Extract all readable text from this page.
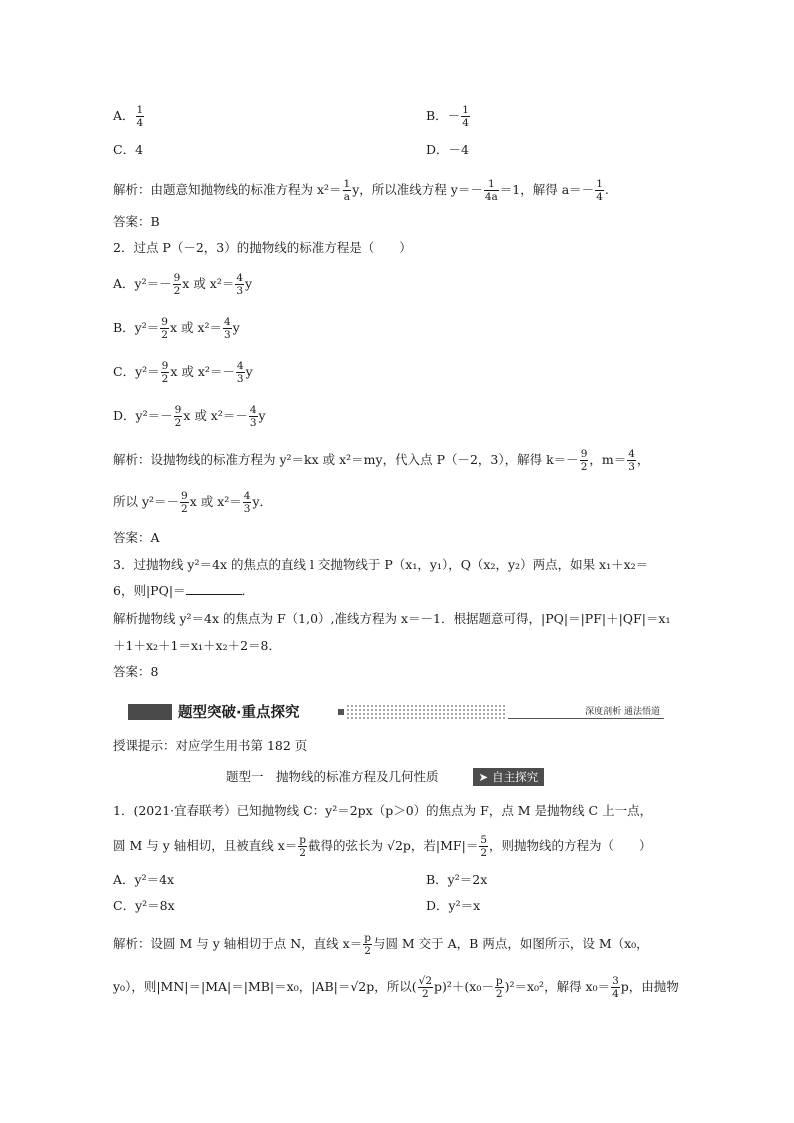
A． $\frac{1}{4}$	B．－ $\frac{1}{4}$
C．4	D．－4
解析：由题意知抛物线的标准方程为 $x^2= \frac{1}{a}$ y，所以准线方程 $y=- \frac{1}{4a} =1$，解得 $a=- \frac{1}{4}$ .
答案：B
2．过点 P（－2，3）的抛物线的标准方程是（　　）
A．$y^2=- \frac{9}{2}$ x 或 $x^2= \frac{4}{3}$ y
B．$y^2= \frac{9}{2}$ x 或 $x^2= \frac{4}{3}$ y
C．$y^2= \frac{9}{2}$ x 或 $x^2=- \frac{4}{3}$ y
D．$y^2=- \frac{9}{2}$ x 或 $x^2=- \frac{4}{3}$ y
解析：设抛物线的标准方程为 y²＝kx 或 x²＝my，代入点 P（－2，3），解得 $k=- \frac{9}{2}$ ，$m= \frac{4}{3}$ ，
所以 $y^2=- \frac{9}{2}$ x 或 $x^2= \frac{4}{3}$ y．
答案：A
3．过抛物线 y²＝4x 的焦点的直线 l 交抛物线于 P（x₁，y₁），Q（x₂，y₂）两点，如果 x₁＋x₂＝
6，则|PQ|＝	．
解析抛物线 y²＝4x 的焦点为 F（1,0）,准线方程为 x＝－1．根据题意可得，|PQ|＝|PF|＋|QF|＝x₁
＋1＋x₂＋1＝x₁＋x₂＋2＝8．
答案：8
题型突破·重点探究	深度剖析 通法悟道
授课提示：对应学生用书第 182 页
题型一　抛物线的标准方程及几何性质	➤ 自主探究
1．(2021·宜春联考）已知抛物线 C：y²＝2px（p＞0）的焦点为 F，点 M 是抛物线 C 上一点，
圆 M 与 y 轴相切，且被直线 $x= \frac{p}{2}$ 截得的弦长为 √2p，若$|MF|= \frac{5}{2}$ ，则抛物线的方程为（　　）
A．y²＝4x	B．y²＝2x
C．y²＝8x	D．y²＝x
解析：设圆 M 与 y 轴相切于点 N，直线 $x= \frac{p}{2}$ 与圆 M 交于 A，B 两点，如图所示，设 M（x₀，
y₀），则|MN|＝|MA|＝|MB|＝x₀，|AB|＝√2p，所以( $\frac{√2}{2} p)^2+(x_0- \frac{p}{2} )^2=x_0^2$，解得 $x_0= \frac{3}{4}$ p，由抛物
